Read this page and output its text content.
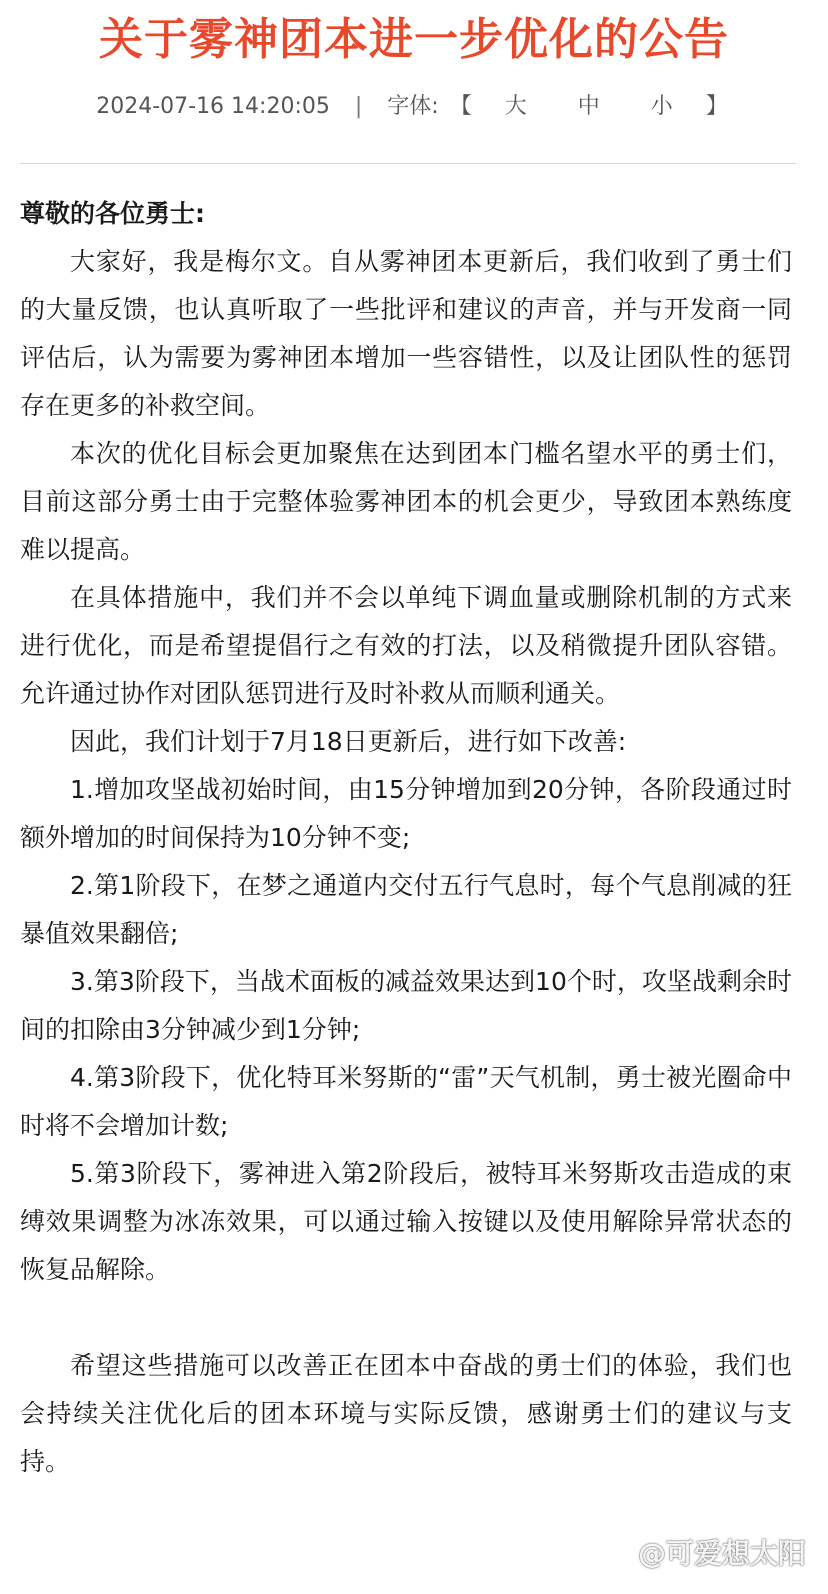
关于雾神团本进一步优化的公告
2024-07-16 14:20:05 | 字体: 【 大 中 小 】

尊敬的各位勇士:

大家好，我是梅尔文。自从雾神团本更新后，我们收到了勇士们的大量反馈，也认真听取了一些批评和建议的声音，并与开发商一同评估后，认为需要为雾神团本增加一些容错性，以及让团队性的惩罚存在更多的补救空间。

本次的优化目标会更加聚焦在达到团本门槛名望水平的勇士们，目前这部分勇士由于完整体验雾神团本的机会更少，导致团本熟练度难以提高。

在具体措施中，我们并不会以单纯下调血量或删除机制的方式来进行优化，而是希望提倡行之有效的打法，以及稍微提升团队容错。允许通过协作对团队惩罚进行及时补救从而顺利通关。

因此，我们计划于7月18日更新后，进行如下改善:

1.增加攻坚战初始时间，由15分钟增加到20分钟，各阶段通过时额外增加的时间保持为10分钟不变;

2.第1阶段下，在梦之通道内交付五行气息时，每个气息削减的狂暴值效果翻倍;

3.第3阶段下，当战术面板的减益效果达到10个时，攻坚战剩余时间的扣除由3分钟减少到1分钟;

4.第3阶段下，优化特耳米努斯的“雷”天气机制，勇士被光圈命中时将不会增加计数;

5.第3阶段下，雾神进入第2阶段后，被特耳米努斯攻击造成的束缚效果调整为冰冻效果，可以通过输入按键以及使用解除异常状态的恢复品解除。

希望这些措施可以改善正在团本中奋战的勇士们的体验，我们也会持续关注优化后的团本环境与实际反馈，感谢勇士们的建议与支持。

@可爱想太阳
